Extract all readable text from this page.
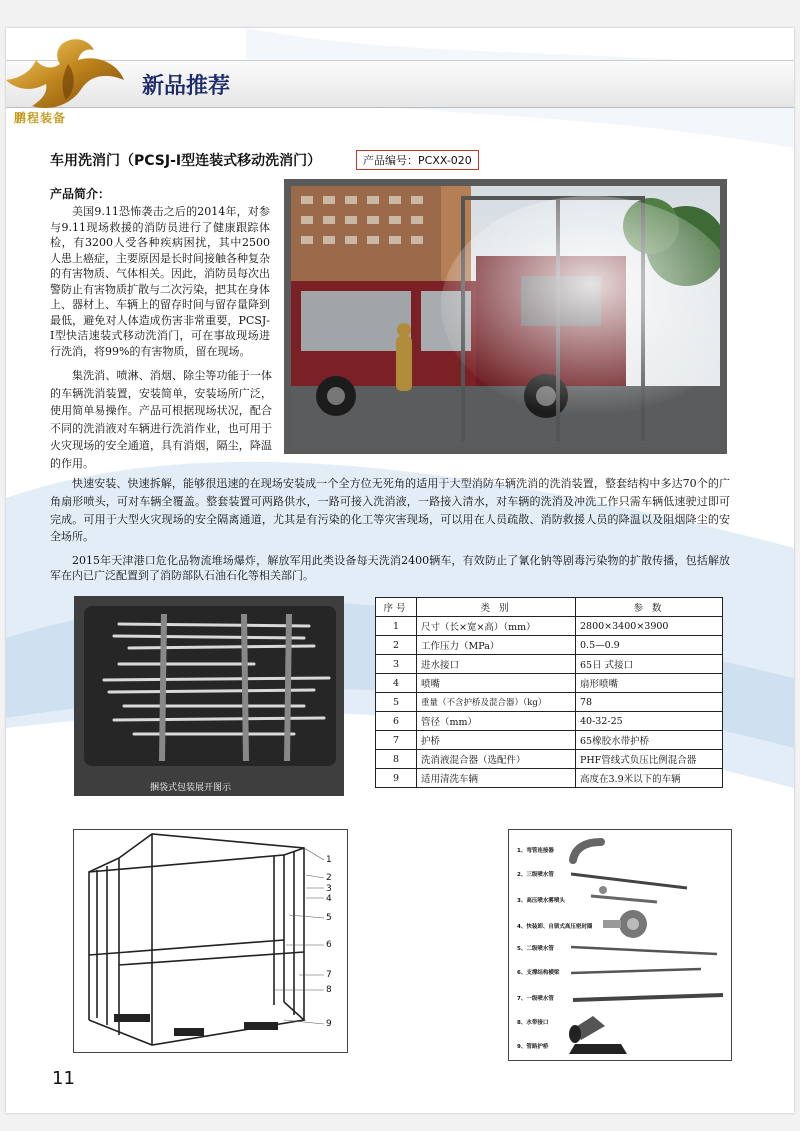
鹏程装备
新品推荐
车用洗消门（PCSJ-I型连装式移动洗消门）	产品编号：PCXX-020
产品简介：
美国9.11恐怖袭击之后的2014年，对参与9.11现场救援的消防员进行了健康跟踪体检，有3200人受各种疾病困扰，其中2500人患上癌症，主要原因是长时间接触各种复杂的有害物质、气体相关。因此，消防员每次出警防止有害物质扩散与二次污染，把其在身体上、器材上、车辆上的留存时间与留存量降到最低，避免对人体造成伤害非常重要，PCSJ-I型快洁速装式移动洗消门，可在事故现场进行洗消，将99%的有害物质，留在现场。
集洗消、喷淋、消烟、除尘等功能于一体的车辆洗消装置，安装简单，安装场所广泛，使用简单易操作。产品可根据现场状况，配合不同的洗消液对车辆进行洗消作业，也可用于火灾现场的安全通道，具有消烟，隔尘，降温的作用。
快速安装、快速拆解，能够很迅速的在现场安装成一个全方位无死角的适用于大型消防车辆洗消的洗消装置，整套结构中多达70个的广角扇形喷头，可对车辆全覆盖。整套装置可两路供水，一路可接入洗消液，一路接入清水，对车辆的洗消及冲洗工作只需车辆低速驶过即可完成。可用于大型火灾现场的安全隔离通道，尤其是有污染的化工等灾害现场，可以用在人员疏散、消防救援人员的降温以及阻烟降尘的安全场所。
2015年天津港口危化品物流堆场爆炸，解放军用此类设备每天洗消2400辆车，有效防止了氰化钠等剧毒污染物的扩散传播，包括解放军在内已广泛配置到了消防部队石油石化等相关部门。
捆袋式包装展开图示
序号	类 别	参 数
1	尺寸（长×宽×高）（mm）	2800×3400×3900
2	工作压力（MPa）	0.5—0.9
3	进水接口	65日 式接口
4	喷嘴	扇形喷嘴
5	重量（不含护桥及混合器）（kg）	78
6	管径（mm）	40-32-25
7	护桥	65橡胶水带护桥
8	洗消液混合器（选配件）	PHF管线式负压比例混合器
9	适用清洗车辆	高度在3.9米以下的车辆
1
2
3
4
5
6
7
8
9
1、弯管连接器
2、三级喷水管
3、高压喷水雾喷头
4、快装卸、自锁式高压密封圈
5、二级喷水管
6、支撑结构横梁
7、一级喷水管
8、水带接口
9、管路护桥
11
